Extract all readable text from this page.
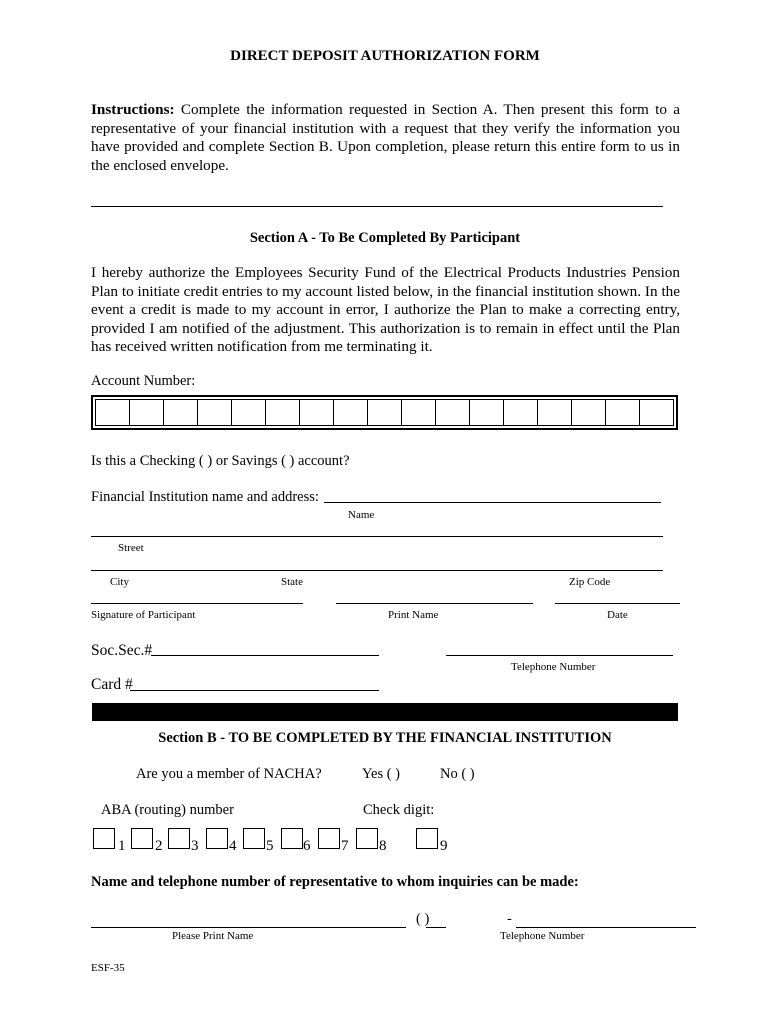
DIRECT DEPOSIT AUTHORIZATION FORM
Instructions: Complete the information requested in Section A. Then present this form to a representative of your financial institution with a request that they verify the information you have provided and complete Section B. Upon completion, please return this entire form to us in the enclosed envelope.
Section A - To Be Completed By Participant
I hereby authorize the Employees Security Fund of the Electrical Products Industries Pension Plan to initiate credit entries to my account listed below, in the financial institution shown. In the event a credit is made to my account in error, I authorize the Plan to make a correcting entry, provided I am notified of the adjustment. This authorization is to remain in effect until the Plan has received written notification from me terminating it.
Account Number:
Is this a Checking ( ) or Savings ( ) account?
Financial Institution name and address:
Name
Street
City	State	Zip Code
Signature of Participant	Print Name	Date
Soc.Sec.#
Telephone Number
Card #
Section B - TO BE COMPLETED BY THE FINANCIAL INSTITUTION
Are you a member of NACHA?	Yes ( )	No ( )
ABA (routing) number	Check digit:
1 2 3 4 5 6 7 8	9
Name and telephone number of representative to whom inquiries can be made:
( )	-
Please Print Name	Telephone Number
ESF-35
